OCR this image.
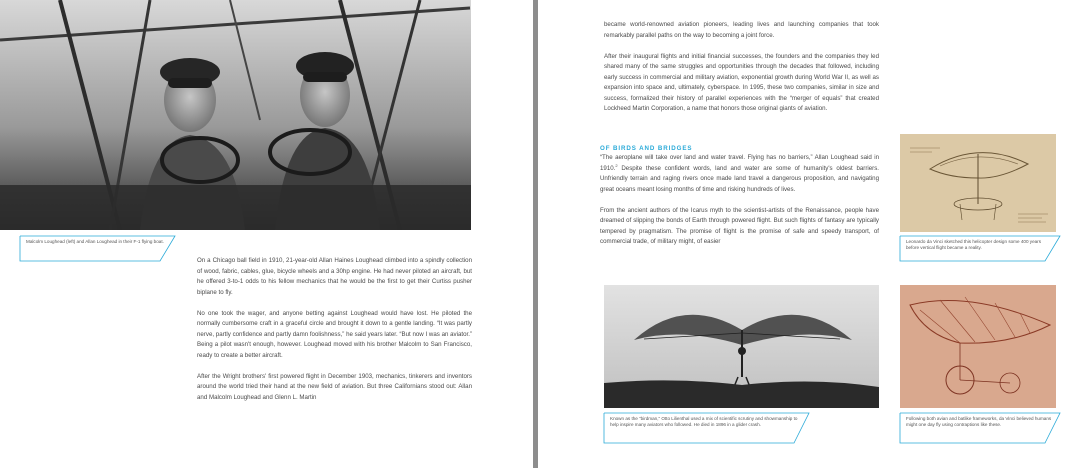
Malcolm Loughead (left) and Allan Loughead in their F-1 flying boat.

On a Chicago ball field in 1910, 21-year-old Allan Haines Loughead climbed into a spindly collection of wood, fabric, cables, glue, bicycle wheels and a 30hp engine. He had never piloted an aircraft, but he offered 3-to-1 odds to his fellow mechanics that he would be the first to get their Curtiss pusher biplane to fly.

No one took the wager, and anyone betting against Loughead would have lost. He piloted the normally cumbersome craft in a graceful circle and brought it down to a gentle landing. “It was partly nerve, partly confidence and partly damn foolishness,” he said years later. “But now I was an aviator.” Being a pilot wasn't enough, however. Loughead moved with his brother Malcolm to San Francisco, ready to create a better aircraft.

After the Wright brothers' first powered flight in December 1903, mechanics, tinkerers and inventors around the world tried their hand at the new field of aviation. But three Californians stood out: Allan and Malcolm Loughead and Glenn L. Martin

became world-renowned aviation pioneers, leading lives and launching companies that took remarkably parallel paths on the way to becoming a joint force.

After their inaugural flights and initial financial successes, the founders and the companies they led shared many of the same struggles and opportunities through the decades that followed, including early success in commercial and military aviation, exponential growth during World War II, as well as expansion into space and, ultimately, cyberspace. In 1995, these two companies, similar in size and success, formalized their history of parallel experiences with the “merger of equals” that created Lockheed Martin Corporation, a name that honors those original giants of aviation.

OF BIRDS AND BRIDGES

“The aeroplane will take over land and water travel. Flying has no barriers,” Allan Loughead said in 1910.$^2$ Despite these confident words, land and water are some of humanity's oldest barriers. Unfriendly terrain and raging rivers once made land travel a dangerous proposition, and navigating great oceans meant losing months of time and risking hundreds of lives.

From the ancient authors of the Icarus myth to the scientist-artists of the Renaissance, people have dreamed of slipping the bonds of Earth through powered flight. But such flights of fantasy are typically tempered by pragmatism. The promise of flight is the promise of safe and speedy transport, of commercial trade, of military might, of easier	Leonardo da Vinci sketched this helicopter design some 400 years before vertical flight became a reality.
Known as the “birdman,” Otto Lilienthal used a mix of scientific scrutiny and showmanship to help inspire many aviators who followed. He died in 1896 in a glider crash.
Following both avian and batlike frameworks, da Vinci believed humans might one day fly using contraptions like these.
